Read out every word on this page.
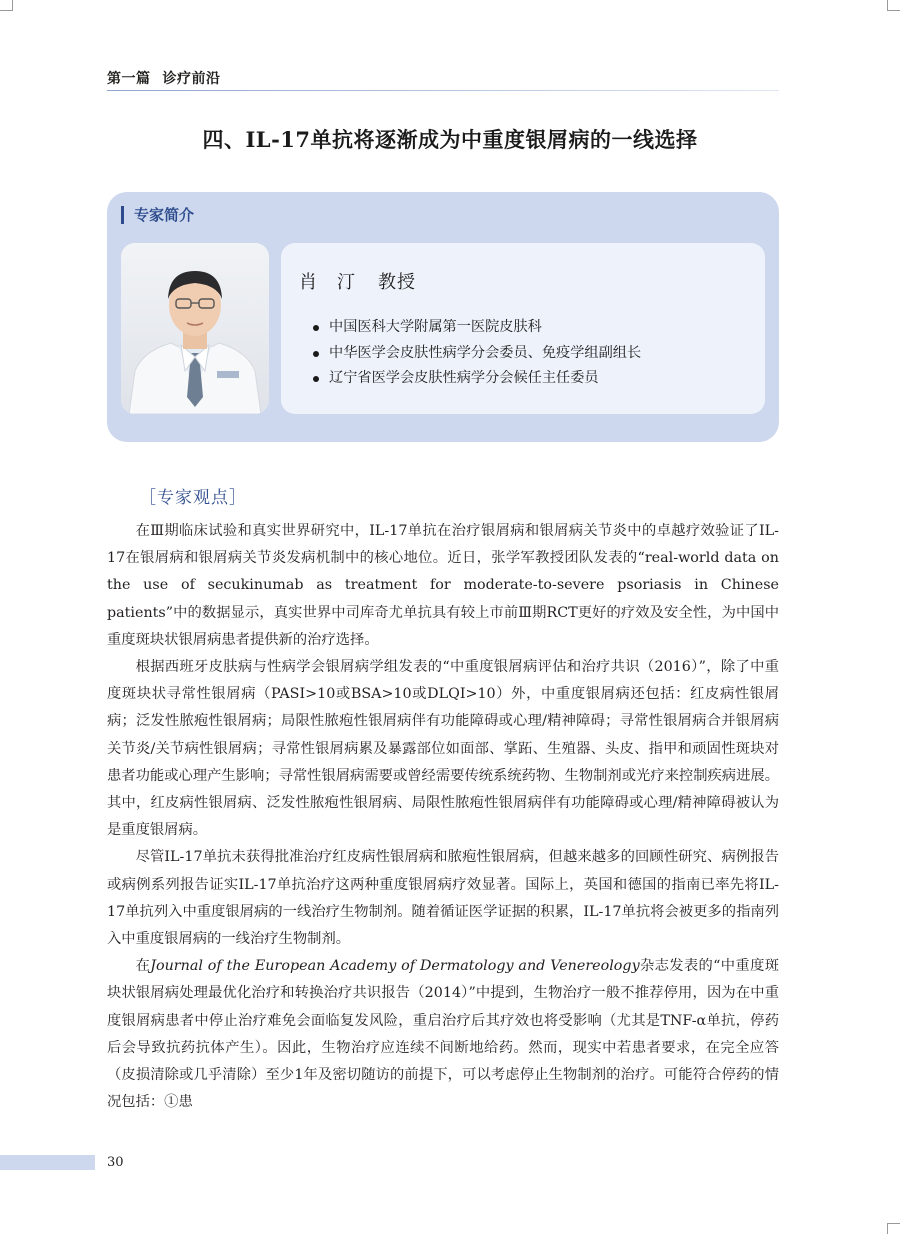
第一篇 诊疗前沿
四、IL-17单抗将逐渐成为中重度银屑病的一线选择
专家简介
肖　汀 教授
中国医科大学附属第一医院皮肤科
中华医学会皮肤性病学分会委员、免疫学组副组长
辽宁省医学会皮肤性病学分会候任主任委员
［专家观点］

在Ⅲ期临床试验和真实世界研究中，IL-17单抗在治疗银屑病和银屑病关节炎中的卓越疗效验证了IL-17在银屑病和银屑病关节炎发病机制中的核心地位。近日，张学军教授团队发表的“real-world data on the use of secukinumab as treatment for moderate-to-severe psoriasis in Chinese patients”中的数据显示，真实世界中司库奇尤单抗具有较上市前Ⅲ期RCT更好的疗效及安全性，为中国中重度斑块状银屑病患者提供新的治疗选择。

根据西班牙皮肤病与性病学会银屑病学组发表的“中重度银屑病评估和治疗共识（2016）”，除了中重度斑块状寻常性银屑病（PASI>10或BSA>10或DLQI>10）外，中重度银屑病还包括：红皮病性银屑病；泛发性脓疱性银屑病；局限性脓疱性银屑病伴有功能障碍或心理/精神障碍；寻常性银屑病合并银屑病关节炎/关节病性银屑病；寻常性银屑病累及暴露部位如面部、掌跖、生殖器、头皮、指甲和顽固性斑块对患者功能或心理产生影响；寻常性银屑病需要或曾经需要传统系统药物、生物制剂或光疗来控制疾病进展。其中，红皮病性银屑病、泛发性脓疱性银屑病、局限性脓疱性银屑病伴有功能障碍或心理/精神障碍被认为是重度银屑病。

尽管IL-17单抗未获得批准治疗红皮病性银屑病和脓疱性银屑病，但越来越多的回顾性研究、病例报告或病例系列报告证实IL-17单抗治疗这两种重度银屑病疗效显著。国际上，英国和德国的指南已率先将IL-17单抗列入中重度银屑病的一线治疗生物制剂。随着循证医学证据的积累，IL-17单抗将会被更多的指南列入中重度银屑病的一线治疗生物制剂。

在Journal of the European Academy of Dermatology and Venereology杂志发表的“中重度斑块状银屑病处理最优化治疗和转换治疗共识报告（2014）”中提到，生物治疗一般不推荐停用，因为在中重度银屑病患者中停止治疗难免会面临复发风险，重启治疗后其疗效也将受影响（尤其是TNF-α单抗，停药后会导致抗药抗体产生）。因此，生物治疗应连续不间断地给药。然而，现实中若患者要求，在完全应答（皮损清除或几乎清除）至少1年及密切随访的前提下，可以考虑停止生物制剂的治疗。可能符合停药的情况包括：①患

30
